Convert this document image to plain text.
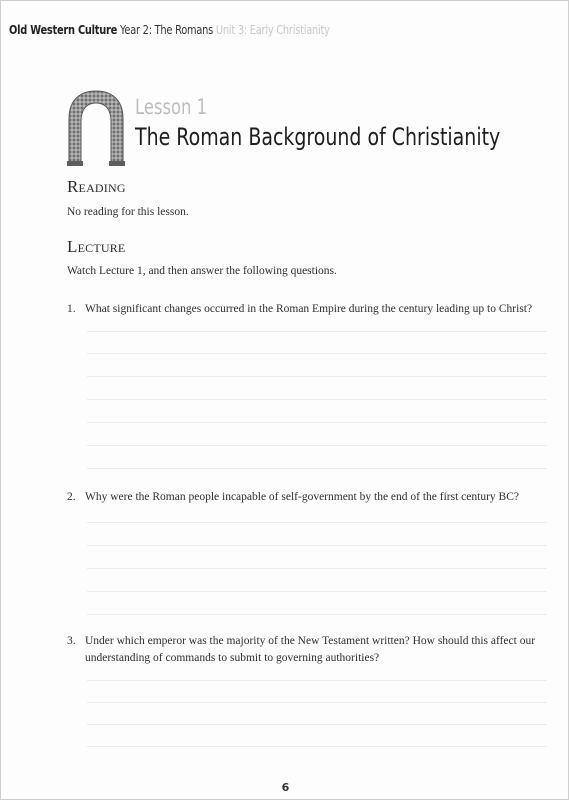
Old Western Culture Year 2: The Romans Unit 3: Early Christianity
Lesson 1
The Roman Background of Christianity
Reading
No reading for this lesson.
Lecture
Watch Lecture 1, and then answer the following questions.
1. What significant changes occurred in the Roman Empire during the century leading up to Christ?
2. Why were the Roman people incapable of self-government by the end of the first century BC?
3. Under which emperor was the majority of the New Testament written? How should this affect our understanding of commands to submit to governing authorities?
6
